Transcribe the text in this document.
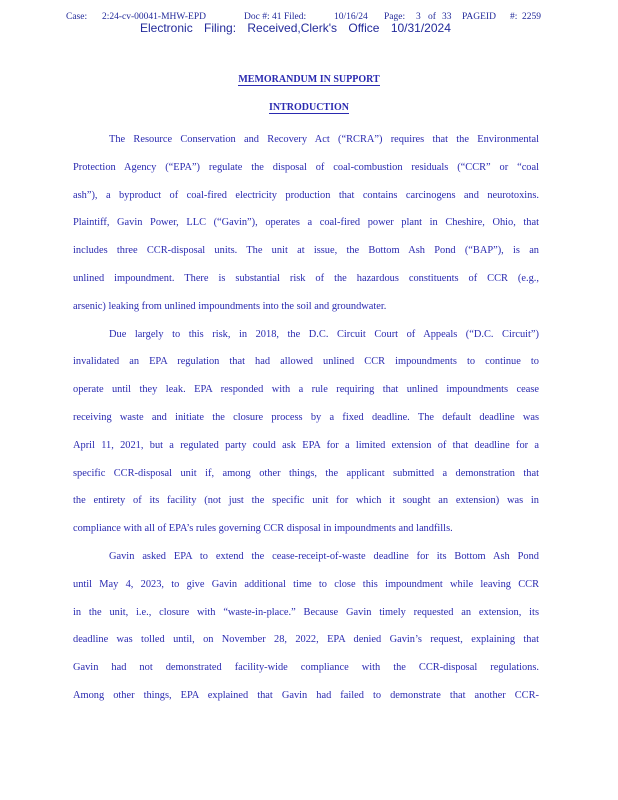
Case: 2:24-cv-00041-MHW-EPD	Doc #: 41 Filed:	10/16/24 Page: 3 of 33 PAGEID #: 2259
Electronic Filing: Received,Clerk's Office 10/31/2024
MEMORANDUM IN SUPPORT
INTRODUCTION
The Resource Conservation and Recovery Act (“RCRA”) requires that the Environmental
Protection Agency (“EPA”) regulate the disposal of coal-combustion residuals (“CCR” or “coal
ash”), a byproduct of coal-fired electricity production that contains carcinogens and neurotoxins.
Plaintiff, Gavin Power, LLC (“Gavin”), operates a coal-fired power plant in Cheshire, Ohio, that
includes three CCR-disposal units. The unit at issue, the Bottom Ash Pond (“BAP”), is an
unlined impoundment. There is substantial risk of the hazardous constituents of CCR (e.g.,
arsenic) leaking from unlined impoundments into the soil and groundwater.
Due largely to this risk, in 2018, the D.C. Circuit Court of Appeals (“D.C. Circuit”)
invalidated an EPA regulation that had allowed unlined CCR impoundments to continue to
operate until they leak. EPA responded with a rule requiring that unlined impoundments cease
receiving waste and initiate the closure process by a fixed deadline. The default deadline was
April 11, 2021, but a regulated party could ask EPA for a limited extension of that deadline for a
specific CCR-disposal unit if, among other things, the applicant submitted a demonstration that
the entirety of its facility (not just the specific unit for which it sought an extension) was in
compliance with all of EPA’s rules governing CCR disposal in impoundments and landfills.
Gavin asked EPA to extend the cease-receipt-of-waste deadline for its Bottom Ash Pond
until May 4, 2023, to give Gavin additional time to close this impoundment while leaving CCR
in the unit, i.e., closure with “waste-in-place.” Because Gavin timely requested an extension, its
deadline was tolled until, on November 28, 2022, EPA denied Gavin’s request, explaining that
Gavin had not demonstrated facility-wide compliance with the CCR-disposal regulations.
Among other things, EPA explained that Gavin had failed to demonstrate that another CCR-
